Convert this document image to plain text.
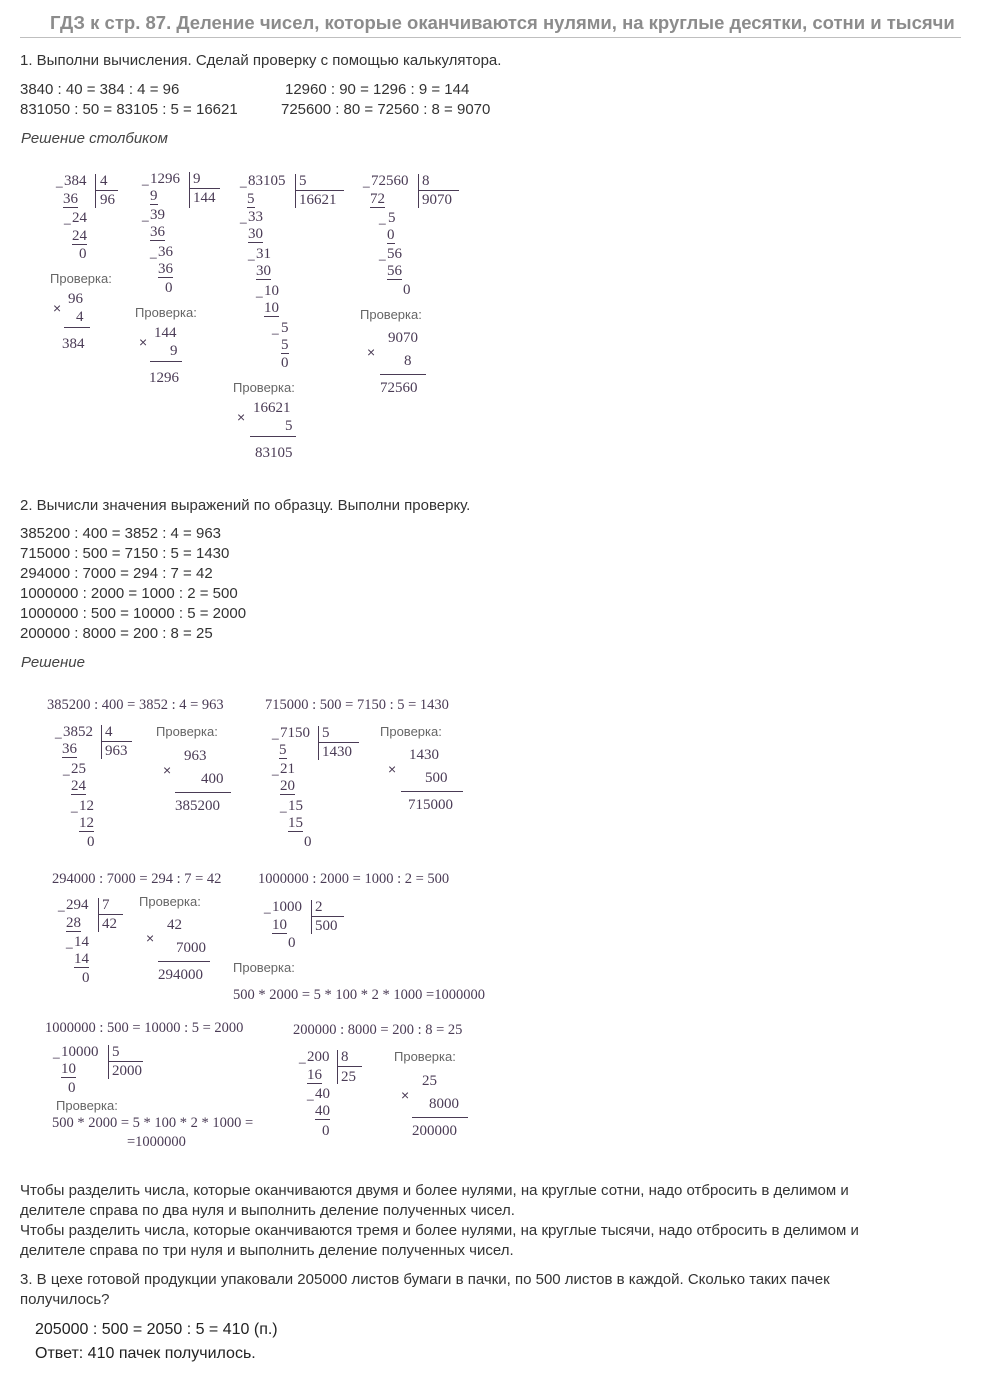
ГДЗ к стр. 87. Деление чисел, которые оканчиваются нулями, на круглые десятки, сотни и тысячи
1. Выполни вычисления. Сделай проверку с помощью калькулятора.
3840 : 40 = 384 : 4 = 96	12960 : 90 = 1296 : 9 = 144
831050 : 50 = 83105 : 5 = 16621	725600 : 80 = 72560 : 8 = 9070
Решение столбиком
_ 384 4
36 96
_ 24
24
0
Проверка:
×
96
4
384
_ 1296 9
9 144
_ 39
36
_ 36
36
0
Проверка:
×
144
9
1296
_ 83105 5
5	16621
_ 33
30
_ 31
30
_ 10
10
_ 5
5
0
Проверка:
×
16621
5
83105
_ 72560 8
72 9070
_ 5
0
_ 56
56
0
Проверка:
×
9070
8
72560
2. Вычисли значения выражений по образцу. Выполни проверку.
385200 : 400 = 3852 : 4 = 963
715000 : 500 = 7150 : 5 = 1430
294000 : 7000 = 294 : 7 = 42
1000000 : 2000 = 1000 : 2 = 500
1000000 : 500 = 10000 : 5 = 2000
200000 : 8000 = 200 : 8 = 25
Решение
385200 : 400 = 3852 : 4 = 963
_ 3852 4
36 963
_ 25
24
_ 12
12
0
Проверка:
×
963
400
385200
715000 : 500 = 7150 : 5 = 1430
_ 7150 5
5 1430
_ 21
20
_ 15
15
0
Проверка:
×
1430
500
715000
294000 : 7000 = 294 : 7 = 42
_ 294 7
28 42
_ 14
14
0
Проверка:
×
42
7000
294000
1000000 : 2000 = 1000 : 2 = 500
_ 1000 2
10 500
0
Проверка:
500 * 2000 = 5 * 100 * 2 * 1000 =1000000
1000000 : 500 = 10000 : 5 = 2000
_ 10000 5
10 2000
0
Проверка:
500 * 2000 = 5 * 100 * 2 * 1000 =
=1000000
200000 : 8000 = 200 : 8 = 25
_ 200 8
16 25
_ 40
40
0
Проверка:
×
25
8000
200000
Чтобы разделить числа, которые оканчиваются двумя и более нулями, на круглые сотни, надо отбросить в делимом и
делителе справа по два нуля и выполнить деление полученных чисел.
Чтобы разделить числа, которые оканчиваются тремя и более нулями, на круглые тысячи, надо отбросить в делимом и
делителе справа по три нуля и выполнить деление полученных чисел.
3. В цехе готовой продукции упаковали 205000 листов бумаги в пачки, по 500 листов в каждой. Сколько таких пачек
получилось?
205000 : 500 = 2050 : 5 = 410 (п.)
Ответ: 410 пачек получилось.
